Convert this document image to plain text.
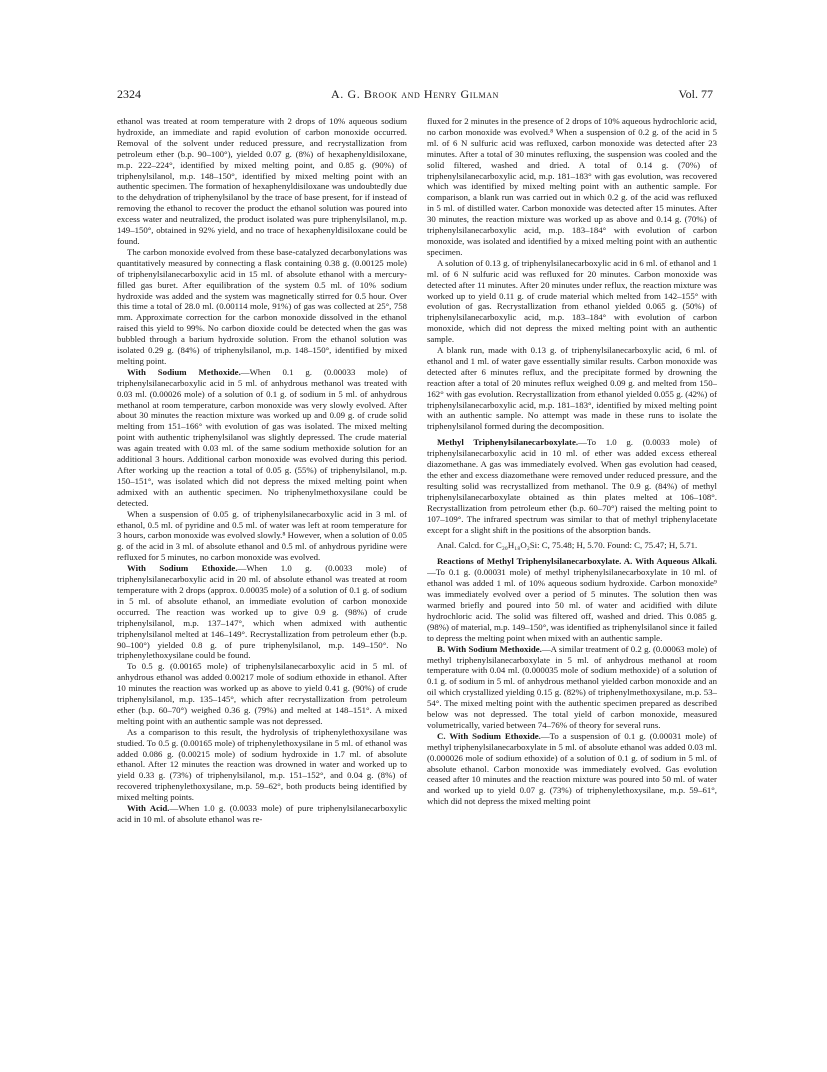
2324	A. G. Brook and Henry Gilman	Vol. 77

ethanol was treated at room temperature with 2 drops of 10% aqueous sodium hydroxide, an immediate and rapid evolution of carbon monoxide occurred. Removal of the solvent under reduced pressure, and recrystallization from petroleum ether (b.p. 90–100°), yielded 0.07 g. (8%) of hexaphenyldisiloxane, m.p. 222–224°, identified by mixed melting point, and 0.85 g. (90%) of triphenylsilanol, m.p. 148–150°, identified by mixed melting point with an authentic specimen. The formation of hexaphenyldisiloxane was undoubtedly due to the dehydration of triphenylsilanol by the trace of base present, for if instead of removing the ethanol to recover the product the ethanol solution was poured into excess water and neutralized, the product isolated was pure triphenylsilanol, m.p. 149–150°, obtained in 92% yield, and no trace of hexaphenyldisiloxane could be found.

The carbon monoxide evolved from these base-catalyzed decarbonylations was quantitatively measured by connecting a flask containing 0.38 g. (0.00125 mole) of triphenylsilanecarboxylic acid in 15 ml. of absolute ethanol with a mercury-filled gas buret. After equilibration of the system 0.5 ml. of 10% sodium hydroxide was added and the system was magnetically stirred for 0.5 hour. Over this time a total of 28.0 ml. (0.00114 mole, 91%) of gas was collected at 25°, 758 mm. Approximate correction for the carbon monoxide dissolved in the ethanol raised this yield to 99%. No carbon dioxide could be detected when the gas was bubbled through a barium hydroxide solution. From the ethanol solution was isolated 0.29 g. (84%) of triphenylsilanol, m.p. 148–150°, identified by mixed melting point.

With Sodium Methoxide.—When 0.1 g. (0.00033 mole) of triphenylsilanecarboxylic acid in 5 ml. of anhydrous methanol was treated with 0.03 ml. (0.00026 mole) of a solution of 0.1 g. of sodium in 5 ml. of anhydrous methanol at room temperature, carbon monoxide was very slowly evolved. After about 30 minutes the reaction mixture was worked up and 0.09 g. of crude solid melting from 151–166° with evolution of gas was isolated. The mixed melting point with authentic triphenylsilanol was slightly depressed. The crude material was again treated with 0.03 ml. of the same sodium methoxide solution for an additional 3 hours. Additional carbon monoxide was evolved during this period. After working up the reaction a total of 0.05 g. (55%) of triphenylsilanol, m.p. 150–151°, was isolated which did not depress the mixed melting point when admixed with an authentic specimen. No triphenylmethoxysilane could be detected.

When a suspension of 0.05 g. of triphenylsilanecarboxylic acid in 3 ml. of ethanol, 0.5 ml. of pyridine and 0.5 ml. of water was left at room temperature for 3 hours, carbon monoxide was evolved slowly.⁸ However, when a solution of 0.05 g. of the acid in 3 ml. of absolute ethanol and 0.5 ml. of anhydrous pyridine were refluxed for 5 minutes, no carbon monoxide was evolved.

With Sodium Ethoxide.—When 1.0 g. (0.0033 mole) of triphenylsilanecarboxylic acid in 20 ml. of absolute ethanol was treated at room temperature with 2 drops (approx. 0.00035 mole) of a solution of 0.1 g. of sodium in 5 ml. of absolute ethanol, an immediate evolution of carbon monoxide occurred. The reaction was worked up to give 0.9 g. (98%) of crude triphenylsilanol, m.p. 137–147°, which when admixed with authentic triphenylsilanol melted at 146–149°. Recrystallization from petroleum ether (b.p. 90–100°) yielded 0.8 g. of pure triphenylsilanol, m.p. 149–150°. No triphenylethoxysilane could be found.

To 0.5 g. (0.00165 mole) of triphenylsilanecarboxylic acid in 5 ml. of anhydrous ethanol was added 0.00217 mole of sodium ethoxide in ethanol. After 10 minutes the reaction was worked up as above to yield 0.41 g. (90%) of crude triphenylsilanol, m.p. 135–145°, which after recrystallization from petroleum ether (b.p. 60–70°) weighed 0.36 g. (79%) and melted at 148–151°. A mixed melting point with an authentic sample was not depressed.

As a comparison to this result, the hydrolysis of triphenylethoxysilane was studied. To 0.5 g. (0.00165 mole) of triphenylethoxysilane in 5 ml. of ethanol was added 0.086 g. (0.00215 mole) of sodium hydroxide in 1.7 ml. of absolute ethanol. After 12 minutes the reaction was drowned in water and worked up to yield 0.33 g. (73%) of triphenylsilanol, m.p. 151–152°, and 0.04 g. (8%) of recovered triphenylethoxysilane, m.p. 59–62°, both products being identified by mixed melting points.

With Acid.—When 1.0 g. (0.0033 mole) of pure triphenylsilanecarboxylic acid in 10 ml. of absolute ethanol was re-

fluxed for 2 minutes in the presence of 2 drops of 10% aqueous hydrochloric acid, no carbon monoxide was evolved.⁸ When a suspension of 0.2 g. of the acid in 5 ml. of 6 N sulfuric acid was refluxed, carbon monoxide was detected after 23 minutes. After a total of 30 minutes refluxing, the suspension was cooled and the solid filtered, washed and dried. A total of 0.14 g. (70%) of triphenylsilanecarboxylic acid, m.p. 181–183° with gas evolution, was recovered which was identified by mixed melting point with an authentic sample. For comparison, a blank run was carried out in which 0.2 g. of the acid was refluxed in 5 ml. of distilled water. Carbon monoxide was detected after 15 minutes. After 30 minutes, the reaction mixture was worked up as above and 0.14 g. (70%) of triphenylsilanecarboxylic acid, m.p. 183–184° with evolution of carbon monoxide, was isolated and identified by a mixed melting point with an authentic specimen.

A solution of 0.13 g. of triphenylsilanecarboxylic acid in 6 ml. of ethanol and 1 ml. of 6 N sulfuric acid was refluxed for 20 minutes. Carbon monoxide was detected after 11 minutes. After 20 minutes under reflux, the reaction mixture was worked up to yield 0.11 g. of crude material which melted from 142–155° with evolution of gas. Recrystallization from ethanol yielded 0.065 g. (50%) of triphenylsilanecarboxylic acid, m.p. 183–184° with evolution of carbon monoxide, which did not depress the mixed melting point with an authentic sample.

A blank run, made with 0.13 g. of triphenylsilanecarboxylic acid, 6 ml. of ethanol and 1 ml. of water gave essentially similar results. Carbon monoxide was detected after 6 minutes reflux, and the precipitate formed by drowning the reaction after a total of 20 minutes reflux weighed 0.09 g. and melted from 150–162° with gas evolution. Recrystallization from ethanol yielded 0.055 g. (42%) of triphenylsilanecarboxylic acid, m.p. 181–183°, identified by mixed melting point with an authentic sample. No attempt was made in these runs to isolate the triphenylsilanol formed during the decomposition.

Methyl Triphenylsilanecarboxylate.—To 1.0 g. (0.0033 mole) of triphenylsilanecarboxylic acid in 10 ml. of ether was added excess ethereal diazomethane. A gas was immediately evolved. When gas evolution had ceased, the ether and excess diazomethane were removed under reduced pressure, and the resulting solid was recrystallized from methanol. The 0.9 g. (84%) of methyl triphenylsilanecarboxylate obtained as thin plates melted at 106–108°. Recrystallization from petroleum ether (b.p. 60–70°) raised the melting point to 107–109°. The infrared spectrum was similar to that of methyl triphenylacetate except for a slight shift in the positions of the absorption bands.

Anal. Calcd. for C₂₀H₁₈O₂Si: C, 75.48; H, 5.70. Found: C, 75.47; H, 5.71.

Reactions of Methyl Triphenylsilanecarboxylate. A. With Aqueous Alkali.—To 0.1 g. (0.00031 mole) of methyl triphenylsilanecarboxylate in 10 ml. of ethanol was added 1 ml. of 10% aqueous sodium hydroxide. Carbon monoxide⁹ was immediately evolved over a period of 5 minutes. The solution then was warmed briefly and poured into 50 ml. of water and acidified with dilute hydrochloric acid. The solid was filtered off, washed and dried. This 0.085 g. (98%) of material, m.p. 149–150°, was identified as triphenylsilanol since it failed to depress the melting point when mixed with an authentic sample.

B. With Sodium Methoxide.—A similar treatment of 0.2 g. (0.00063 mole) of methyl triphenylsilanecarboxylate in 5 ml. of anhydrous methanol at room temperature with 0.04 ml. (0.000035 mole of sodium methoxide) of a solution of 0.1 g. of sodium in 5 ml. of anhydrous methanol yielded carbon monoxide and an oil which crystallized yielding 0.15 g. (82%) of triphenylmethoxysilane, m.p. 53–54°. The mixed melting point with the authentic specimen prepared as described below was not depressed. The total yield of carbon monoxide, measured volumetrically, varied between 74–76% of theory for several runs.

C. With Sodium Ethoxide.—To a suspension of 0.1 g. (0.00031 mole) of methyl triphenylsilanecarboxylate in 5 ml. of absolute ethanol was added 0.03 ml. (0.000026 mole of sodium ethoxide) of a solution of 0.1 g. of sodium in 5 ml. of absolute ethanol. Carbon monoxide was immediately evolved. Gas evolution ceased after 10 minutes and the reaction mixture was poured into 50 ml. of water and worked up to yield 0.07 g. (73%) of triphenylethoxysilane, m.p. 59–61°, which did not depress the mixed melting point
